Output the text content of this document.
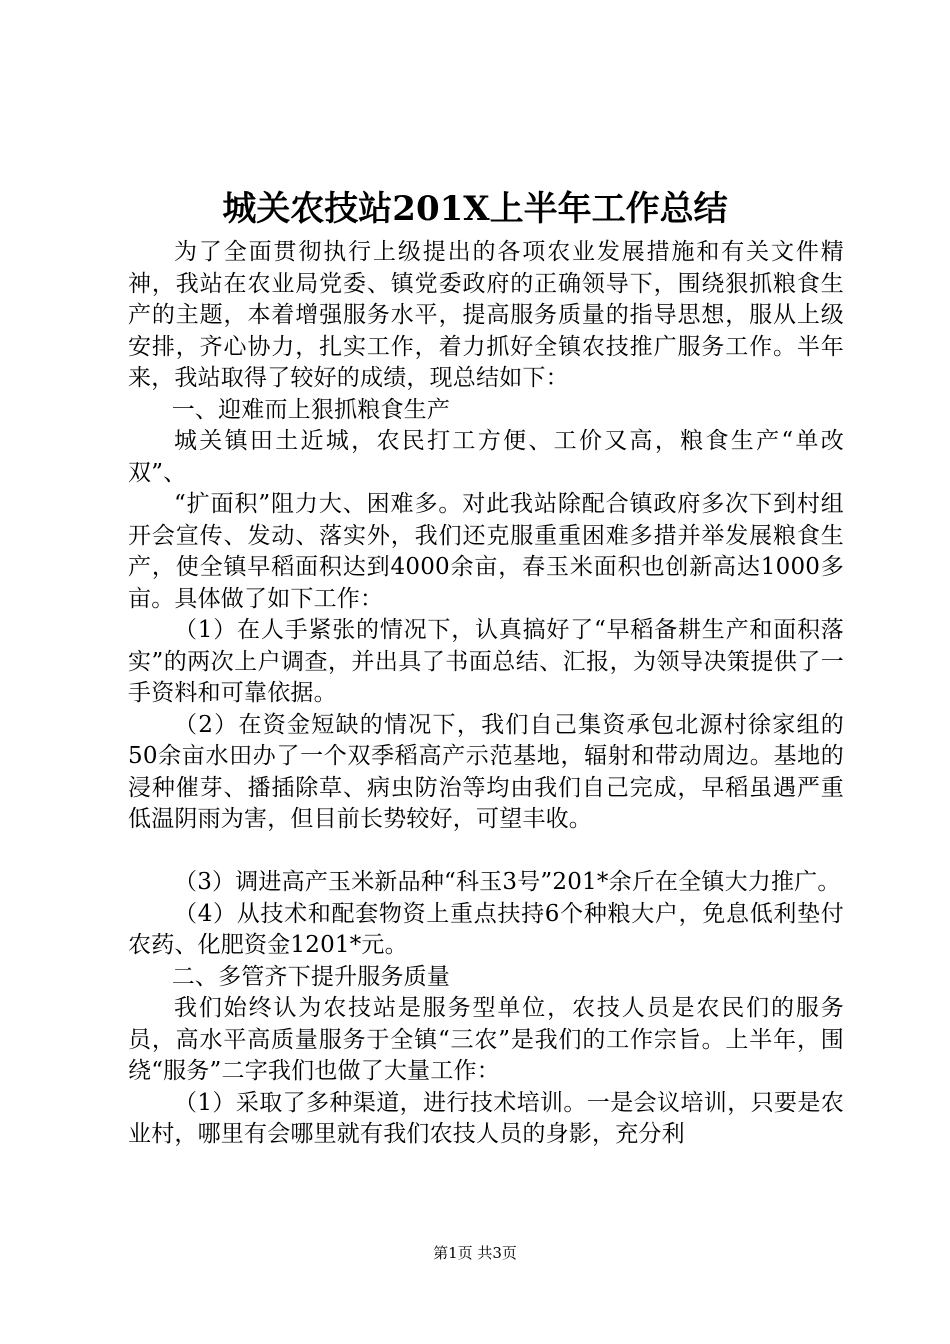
城关农技站201X上半年工作总结

为了全面贯彻执行上级提出的各项农业发展措施和有关文件精神，我站在农业局党委、镇党委政府的正确领导下，围绕狠抓粮食生产的主题，本着增强服务水平，提高服务质量的指导思想，服从上级安排，齐心协力，扎实工作，着力抓好全镇农技推广服务工作。半年来，我站取得了较好的成绩，现总结如下：

一、迎难而上狠抓粮食生产

城关镇田土近城，农民打工方便、工价又高，粮食生产“单改双”、

“扩面积”阻力大、困难多。对此我站除配合镇政府多次下到村组开会宣传、发动、落实外，我们还克服重重困难多措并举发展粮食生产，使全镇早稻面积达到4000余亩，春玉米面积也创新高达1000多亩。具体做了如下工作：

（1）在人手紧张的情况下，认真搞好了“早稻备耕生产和面积落实”的两次上户调查，并出具了书面总结、汇报，为领导决策提供了一手资料和可靠依据。

（2）在资金短缺的情况下，我们自己集资承包北源村徐家组的50余亩水田办了一个双季稻高产示范基地，辐射和带动周边。基地的浸种催芽、播插除草、病虫防治等均由我们自己完成，早稻虽遇严重低温阴雨为害，但目前长势较好，可望丰收。

（3）调进高产玉米新品种“科玉3号”201*余斤在全镇大力推广。

（4）从技术和配套物资上重点扶持6个种粮大户，免息低利垫付农药、化肥资金1201*元。

二、多管齐下提升服务质量

我们始终认为农技站是服务型单位，农技人员是农民们的服务员，高水平高质量服务于全镇“三农”是我们的工作宗旨。上半年，围绕“服务”二字我们也做了大量工作：

（1）采取了多种渠道，进行技术培训。一是会议培训，只要是农业村，哪里有会哪里就有我们农技人员的身影，充分利

第1页 共3页
